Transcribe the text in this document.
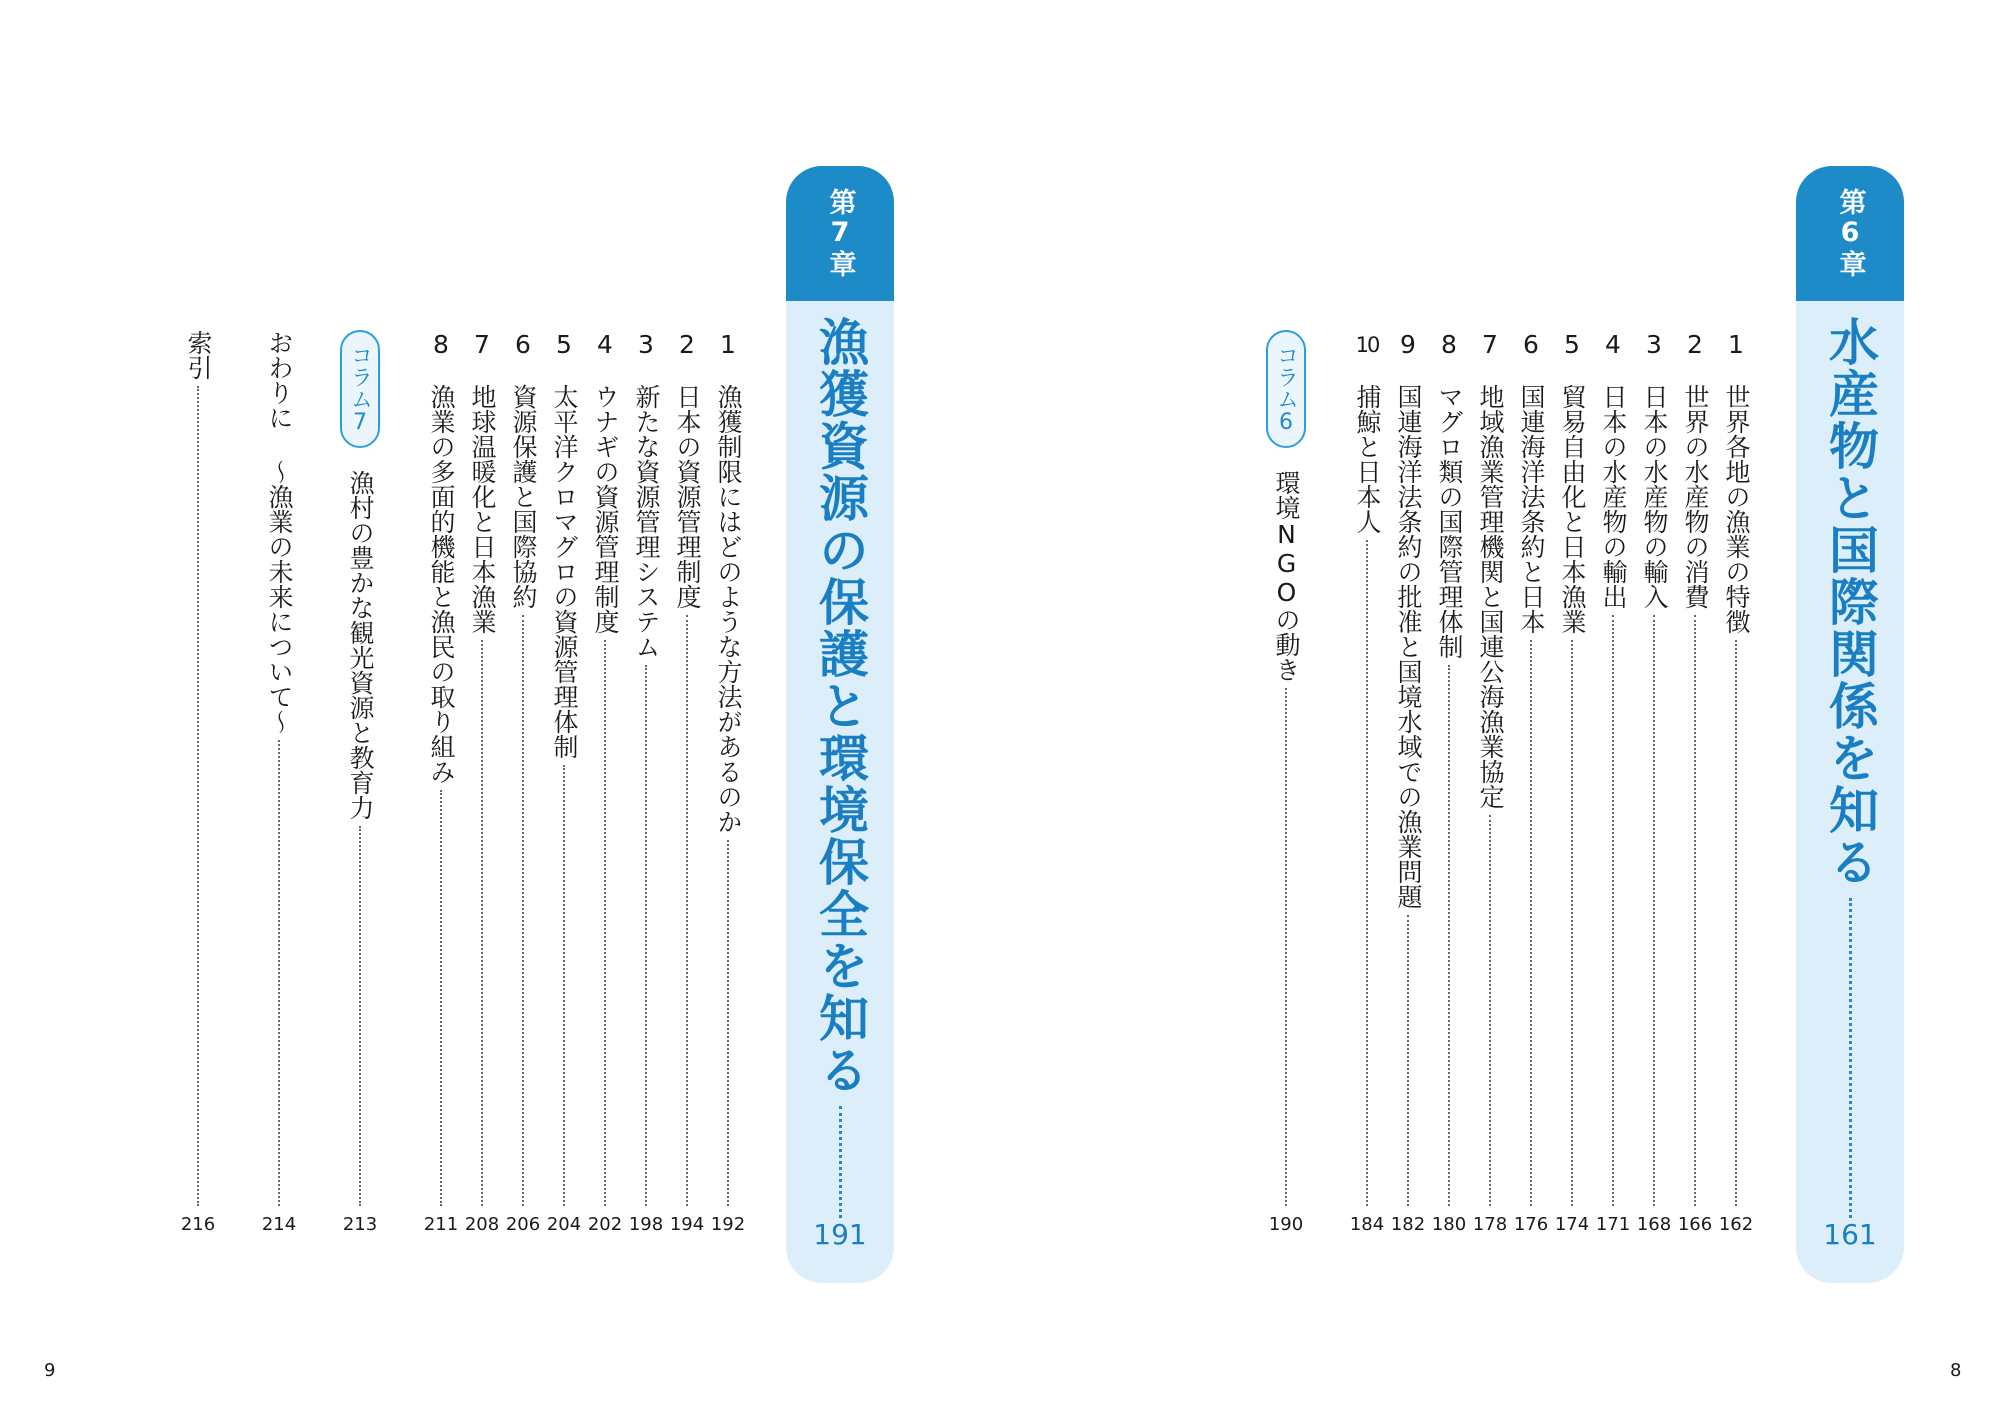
第6章
水産物と国際関係を知る
161
1
世界各地の漁業の特徴
162
2
世界の水産物の消費
166
3
日本の水産物の輸入
168
4
日本の水産物の輸出
171
5
貿易自由化と日本漁業
174
6
国連海洋法条約と日本
176
7
地域漁業管理機関と国連公海漁業協定
178
8
マグロ類の国際管理体制
180
9
国連海洋法条約の批准と国境水域での漁業問題
182
10
捕鯨と日本人
184
コラム6
環境NGOの動き
190
8
第7章
漁獲資源の保護と環境保全を知る
191
1
漁獲制限にはどのような方法があるのか
192
2
日本の資源管理制度
194
3
新たな資源管理システム
198
4
ウナギの資源管理制度
202
5
太平洋クロマグロの資源管理体制
204
6
資源保護と国際協約
206
7
地球温暖化と日本漁業
208
8
漁業の多面的機能と漁民の取り組み
211
コラム7
漁村の豊かな観光資源と教育力
213
おわりに ～漁業の未来について～
214
索引
216
9
